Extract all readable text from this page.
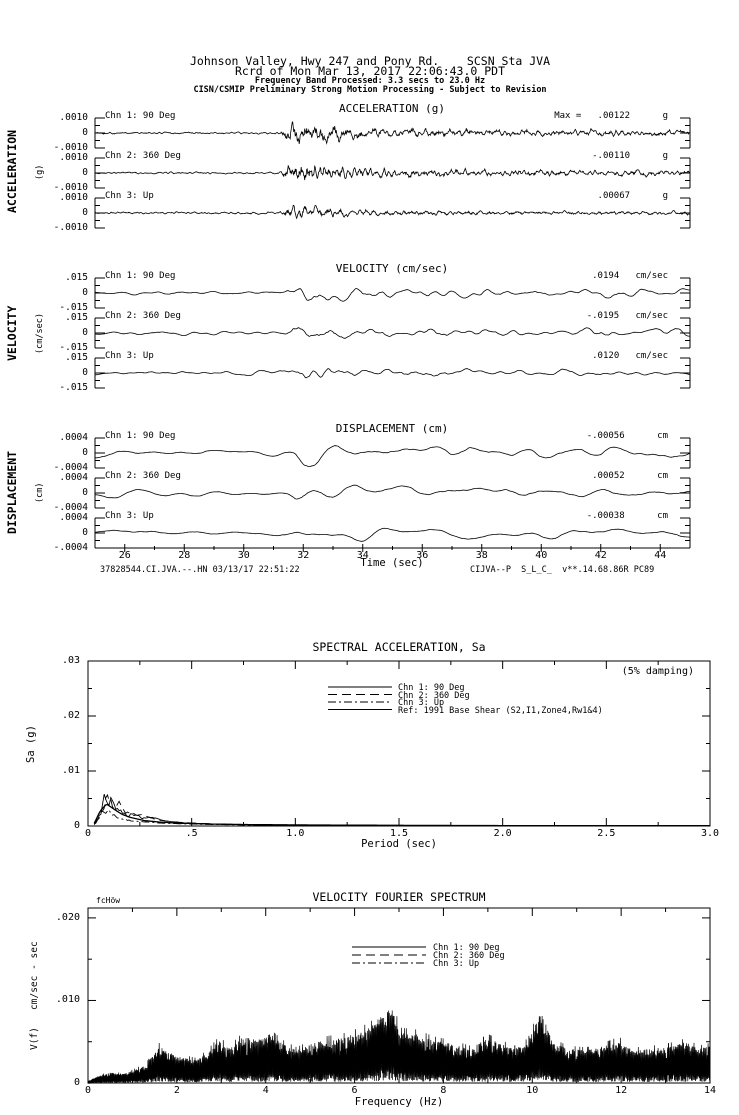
Johnson Valley, Hwy 247 and Pony Rd.    SCSN Sta JVA
Rcrd of Mon Mar 13, 2017 22:06:43.0 PDT
Frequency Band Processed: 3.3 secs to 23.0 Hz
CISN/CSMIP Preliminary Strong Motion Processing - Subject to Revision
ACCELERATION (g)
ACCELERATION (g)
VELOCITY (cm/sec)
VELOCITY (cm/sec)
DISPLACEMENT (cm)
DISPLACEMENT (cm)
Time (sec)
37828544.CI.JVA.--.HN 03/13/17 22:51:22	CIJVA--P  S_L_C_  v**.14.68.86R PC89
SPECTRAL ACCELERATION, Sa
(5% damping)
Sa (g)
Period (sec)
VELOCITY FOURIER SPECTRUM
fcHöw
V(f)   cm/sec - sec
Frequency (Hz)
.0010
0
-.0010
Chn 1: 90 Deg	Max =   .00122      g
.0010
0
-.0010
Chn 2: 360 Deg	-.00110      g
.0010
0
-.0010
Chn 3: Up	.00067      g
.015
0
-.015
Chn 1: 90 Deg	.0194   cm/sec
.015
0
-.015
Chn 2: 360 Deg	-.0195   cm/sec
.015
0
-.015
Chn 3: Up	.0120   cm/sec
.0004
0
-.0004
Chn 1: 90 Deg	-.00056      cm
.0004
0
-.0004
Chn 2: 360 Deg	.00052      cm
.0004
0
-.0004
Chn 3: Up	-.00038      cm
26	28	30	32	34	36	38	40	42	44
0	.5	1.0	1.5	2.0	2.5	3.0
0
.01
.02
.03
Chn 1: 90 Deg
Chn 2: 360 Deg
Chn 3: Up
Ref: 1991 Base Shear (S2,I1,Zone4,Rw1&4)
0	2	4	6	8	10	12	14
0
.010
.020
Chn 1: 90 Deg
Chn 2: 360 Deg
Chn 3: Up
